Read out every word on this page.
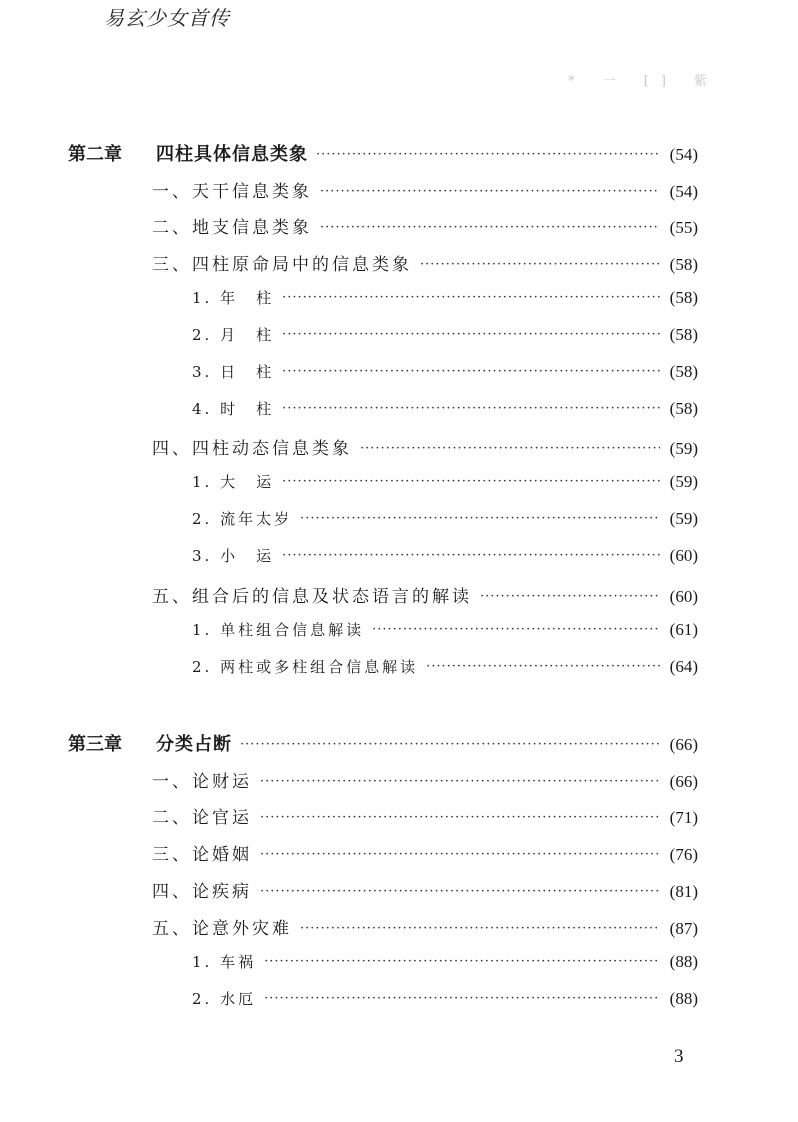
易玄少女首传
* 一 [] 紫
第二章	四柱具体信息类象 ·····	(54)
一、天干信息类象 ·····	(54)
二、地支信息类象 ·····	(55)
三、四柱原命局中的信息类象 ·····	(58)
1. 年　柱 ·····	(58)
2. 月　柱 ·····	(58)
3. 日　柱 ·····	(58)
4. 时　柱 ·····	(58)
四、四柱动态信息类象 ·····	(59)
1. 大　运 ·····	(59)
2. 流年太岁 ·····	(59)
3. 小　运 ·····	(60)
五、组合后的信息及状态语言的解读 ·····	(60)
1. 单柱组合信息解读 ·····	(61)
2. 两柱或多柱组合信息解读 ·····	(64)
第三章	分类占断 ·····	(66)
一、论财运 ·····	(66)
二、论官运 ·····	(71)
三、论婚姻 ·····	(76)
四、论疾病 ·····	(81)
五、论意外灾难 ·····	(87)
1. 车祸 ·····	(88)
2. 水厄 ·····	(88)
3
